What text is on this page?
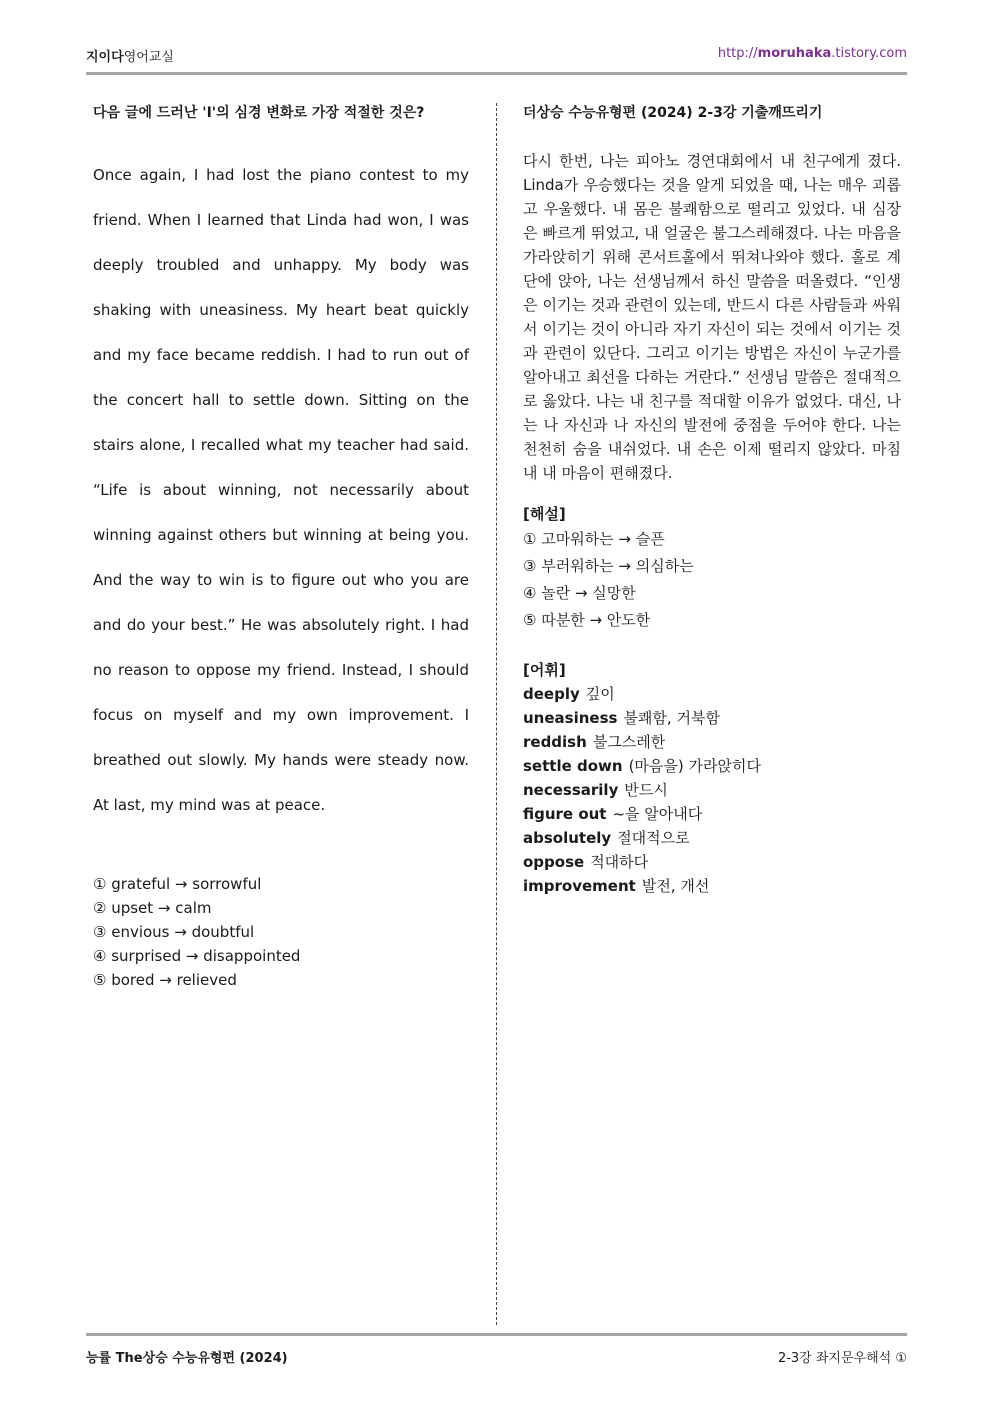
지이다영어교실	http://moruhaka.tistory.com
다음 글에 드러난 'I'의 심경 변화로 가장 적절한 것은?

Once again, I had lost the piano contest to my friend. When I learned that Linda had won, I was deeply troubled and unhappy. My body was shaking with uneasiness. My heart beat quickly and my face became reddish. I had to run out of the concert hall to settle down. Sitting on the stairs alone, I recalled what my teacher had said. “Life is about winning, not necessarily about winning against others but winning at being you. And the way to win is to figure out who you are and do your best.” He was absolutely right. I had no reason to oppose my friend. Instead, I should focus on myself and my own improvement. I breathed out slowly. My hands were steady now. At last, my mind was at peace.

① grateful → sorrowful
② upset → calm
③ envious → doubtful
④ surprised → disappointed
⑤ bored → relieved
더상승 수능유형편 (2024) 2-3강 기출깨뜨리기

다시 한번, 나는 피아노 경연대회에서 내 친구에게 졌다. Linda가 우승했다는 것을 알게 되었을 때, 나는 매우 괴롭고 우울했다. 내 몸은 불쾌함으로 떨리고 있었다. 내 심장은 빠르게 뛰었고, 내 얼굴은 불그스레해졌다. 나는 마음을 가라앉히기 위해 콘서트홀에서 뛰쳐나와야 했다. 홀로 계단에 앉아, 나는 선생님께서 하신 말씀을 떠올렸다. “인생은 이기는 것과 관련이 있는데, 반드시 다른 사람들과 싸워서 이기는 것이 아니라 자기 자신이 되는 것에서 이기는 것과 관련이 있단다. 그리고 이기는 방법은 자신이 누군가를 알아내고 최선을 다하는 거란다.” 선생님 말씀은 절대적으로 옳았다. 나는 내 친구를 적대할 이유가 없었다. 대신, 나는 나 자신과 나 자신의 발전에 중점을 두어야 한다. 나는 천천히 숨을 내쉬었다. 내 손은 이제 떨리지 않았다. 마침내 내 마음이 편해졌다.

[해설]
① 고마워하는 → 슬픈
③ 부러워하는 → 의심하는
④ 놀란 → 실망한
⑤ 따분한 → 안도한
[어휘]
deeply 깊이
uneasiness 불쾌함, 거북함
reddish 불그스레한
settle down (마음을) 가라앉히다
necessarily 반드시
figure out ~을 알아내다
absolutely 절대적으로
oppose 적대하다
improvement 발전, 개선
능률 The상승 수능유형편 (2024)	2-3강 좌지문우해석 ①
